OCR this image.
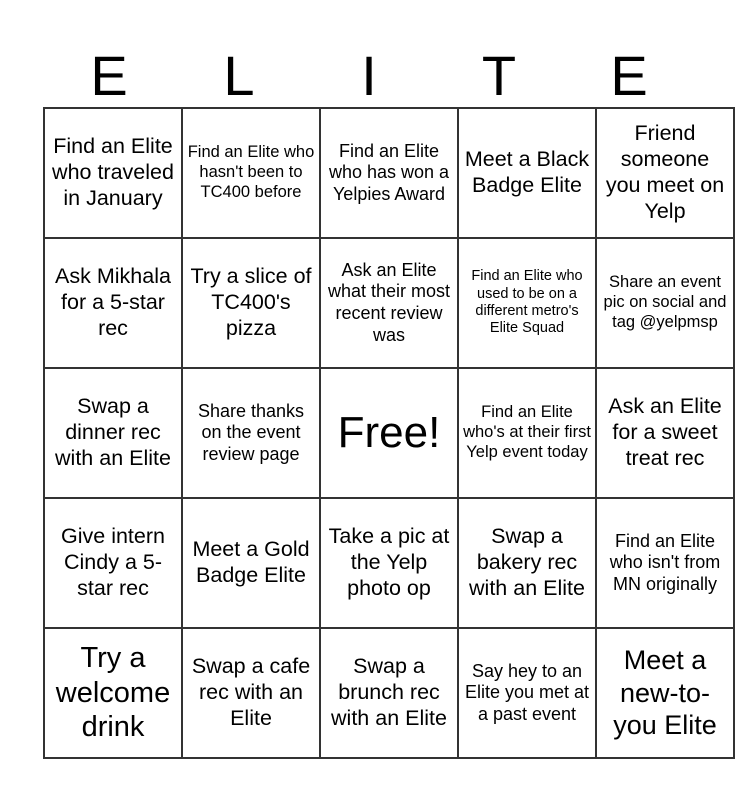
E	L	I	T	E
Find an Elite who traveled in January	Find an Elite who hasn't been to TC400 before	Find an Elite who has won a Yelpies Award	Meet a Black Badge Elite	Friend someone you meet on Yelp
Ask Mikhala for a 5-star rec	Try a slice of TC400's pizza	Ask an Elite what their most recent review was	Find an Elite who used to be on a different metro's Elite Squad	Share an event pic on social and tag @yelpmsp
Swap a dinner rec with an Elite	Share thanks on the event review page	Free!	Find an Elite who's at their first Yelp event today	Ask an Elite for a sweet treat rec
Give intern Cindy a 5-star rec	Meet a Gold Badge Elite	Take a pic at the Yelp photo op	Swap a bakery rec with an Elite	Find an Elite who isn't from MN originally
Try a welcome drink	Swap a cafe rec with an Elite	Swap a brunch rec with an Elite	Say hey to an Elite you met at a past event	Meet a new-to-you Elite
